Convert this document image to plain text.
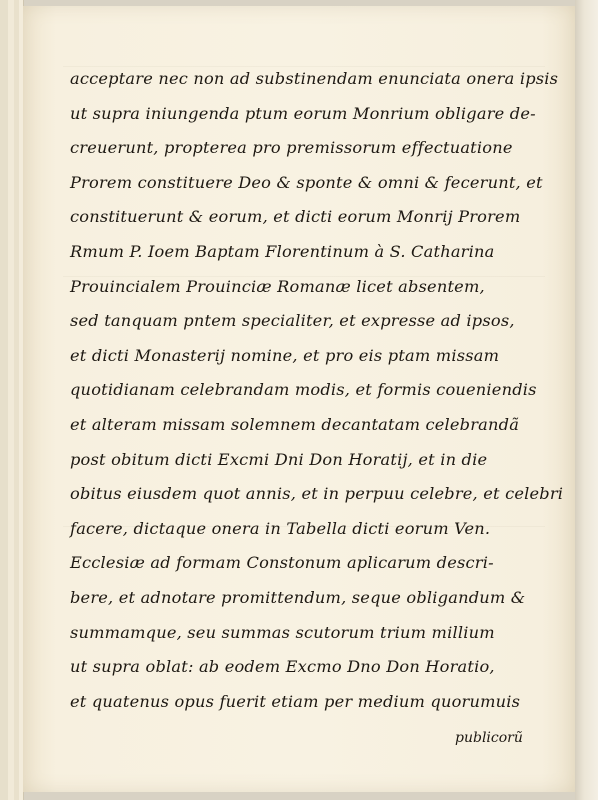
acceptare nec non ad substinendam enunciata onera ipsis
ut supra iniungenda ptum eorum Monrium obligare de-
creuerunt, propterea pro premissorum effectuatione
Prorem constituere Deo & sponte & omni & fecerunt, et
constituerunt & eorum, et dicti eorum Monrij Prorem
Rmum P. Ioem Baptam Florentinum à S. Catharina
Prouincialem Prouinciæ Romanæ licet absentem,
sed tanquam pntem specialiter, et expresse ad ipsos,
et dicti Monasterij nomine, et pro eis ptam missam
quotidianam celebrandam modis, et formis coueniendis
et alteram missam solemnem decantatam celebrandã
post obitum dicti Excmi Dni Don Horatij, et in die
obitus eiusdem quot annis, et in perpuu celebre, et celebri
facere, dictaque onera in Tabella dicti eorum Ven.
Ecclesiæ ad formam Constonum aplicarum descri-
bere, et adnotare promittendum, seque obligandum &
summamque, seu summas scutorum trium millium
ut supra oblat: ab eodem Excmo Dno Don Horatio,
et quatenus opus fuerit etiam per medium quorumuis
publicorũ
